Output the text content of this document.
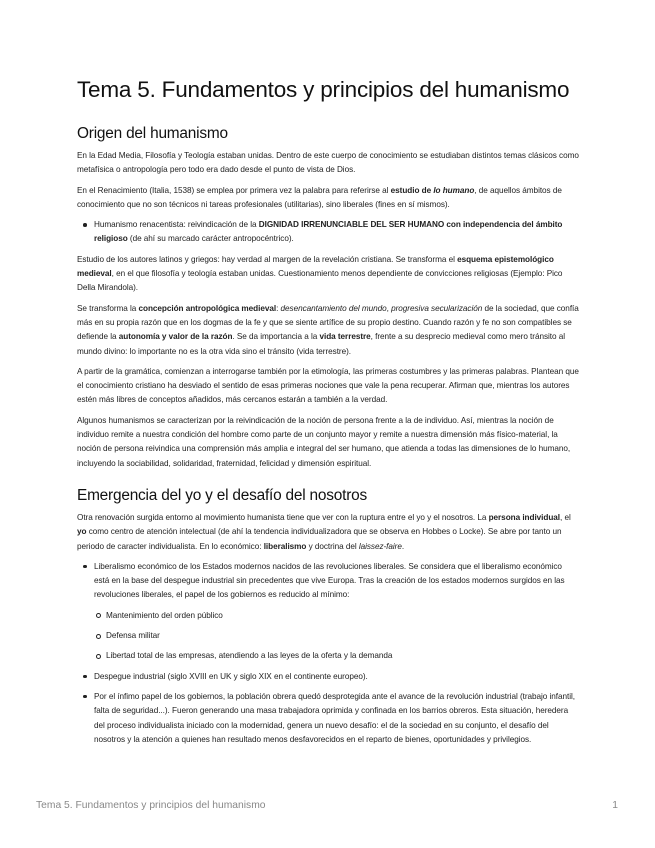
Tema 5. Fundamentos y principios del humanismo
Origen del humanismo

En la Edad Media, Filosofía y Teología estaban unidas. Dentro de este cuerpo de conocimiento se estudiaban distintos temas clásicos como metafísica o antropología pero todo era dado desde el punto de vista de Dios.

En el Renacimiento (Italia, 1538) se emplea por primera vez la palabra para referirse al estudio de lo humano, de aquellos ámbitos de conocimiento que no son técnicos ni tareas profesionales (utilitarias), sino liberales (fines en sí mismos).

Humanismo renacentista: reivindicación de la DIGNIDAD IRRENUNCIABLE DEL SER HUMANO con independencia del ámbito religioso (de ahí su marcado carácter antropocéntrico).

Estudio de los autores latinos y griegos: hay verdad al margen de la revelación cristiana. Se transforma el esquema epistemológico medieval, en el que filosofía y teología estaban unidas. Cuestionamiento menos dependiente de convicciones religiosas (Ejemplo: Pico Della Mirandola).

Se transforma la concepción antropológica medieval: desencantamiento del mundo, progresiva secularización de la sociedad, que confía más en su propia razón que en los dogmas de la fe y que se siente artífice de su propio destino. Cuando razón y fe no son compatibles se defiende la autonomía y valor de la razón. Se da importancia a la vida terrestre, frente a su desprecio medieval como mero tránsito al mundo divino: lo importante no es la otra vida sino el tránsito (vida terrestre).

A partir de la gramática, comienzan a interrogarse también por la etimología, las primeras costumbres y las primeras palabras. Plantean que el conocimiento cristiano ha desviado el sentido de esas primeras nociones que vale la pena recuperar. Afirman que, mientras los autores estén más libres de conceptos añadidos, más cercanos estarán a también a la verdad.

Algunos humanismos se caracterizan por la reivindicación de la noción de persona frente a la de individuo. Así, mientras la noción de individuo remite a nuestra condición del hombre como parte de un conjunto mayor y remite a nuestra dimensión más físico-material, la noción de persona reivindica una comprensión más amplia e integral del ser humano, que atienda a todas las dimensiones de lo humano, incluyendo la sociabilidad, solidaridad, fraternidad, felicidad y dimensión espiritual.

Emergencia del yo y el desafío del nosotros

Otra renovación surgida entorno al movimiento humanista tiene que ver con la ruptura entre el yo y el nosotros. La persona individual, el yo como centro de atención intelectual (de ahí la tendencia individualizadora que se observa en Hobbes o Locke). Se abre por tanto un periodo de caracter individualista. En lo económico: liberalismo y doctrina del laissez-faire.

Liberalismo económico de los Estados modernos nacidos de las revoluciones liberales. Se considera que el liberalismo económico está en la base del despegue industrial sin precedentes que vive Europa. Tras la creación de los estados modernos surgidos en las revoluciones liberales, el papel de los gobiernos es reducido al mínimo:
Mantenimiento del orden público
Defensa militar
Libertad total de las empresas, atendiendo a las leyes de la oferta y la demanda
Despegue industrial (siglo XVIII en UK y siglo XIX en el continente europeo).
Por el ínfimo papel de los gobiernos, la población obrera quedó desprotegida ante el avance de la revolución industrial (trabajo infantil, falta de seguridad...). Fueron generando una masa trabajadora oprimida y confinada en los barrios obreros. Esta situación, heredera del proceso individualista iniciado con la modernidad, genera un nuevo desafío: el de la sociedad en su conjunto, el desafío del nosotros y la atención a quienes han resultado menos desfavorecidos en el reparto de bienes, oportunidades y privilegios.
Tema 5. Fundamentos y principios del humanismo	1
